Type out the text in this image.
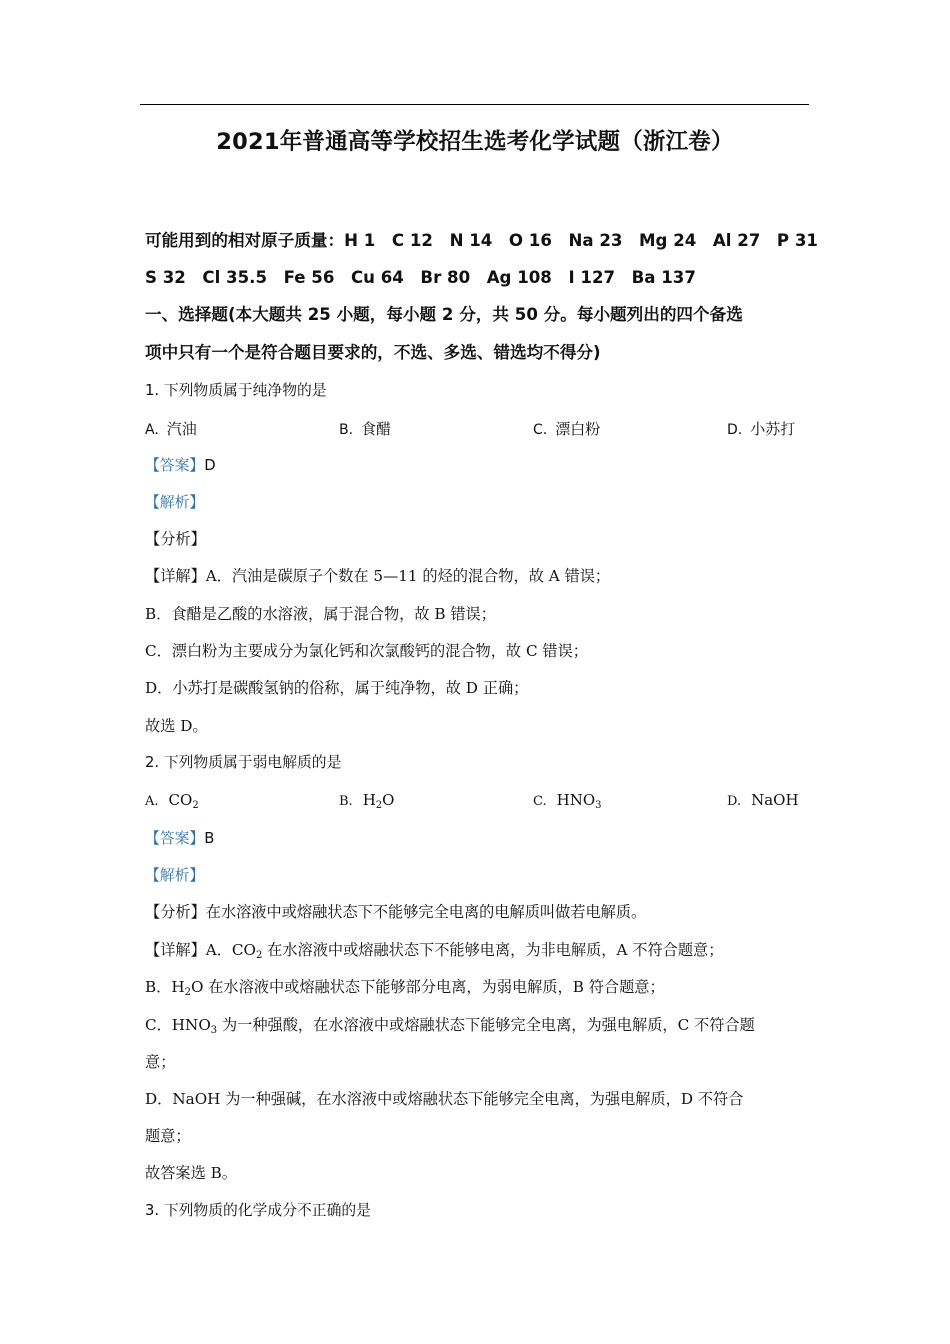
2021年普通高等学校招生选考化学试题（浙江卷）
可能用到的相对原子质量：H 1　C 12　N 14　O 16　Na 23　Mg 24　Al 27　P 31
S 32　Cl 35.5　Fe 56　Cu 64　Br 80　Ag 108　I 127　Ba 137
一、选择题(本大题共 25 小题，每小题 2 分，共 50 分。每小题列出的四个备选
项中只有一个是符合题目要求的，不选、多选、错选均不得分)
1. 下列物质属于纯净物的是
A. 汽油	B. 食醋	C. 漂白粉	D. 小苏打
【答案】D
【解析】
【分析】
【详解】A．汽油是碳原子个数在 5—11 的烃的混合物，故 A 错误；
B．食醋是乙酸的水溶液，属于混合物，故 B 错误；
C．漂白粉为主要成分为氯化钙和次氯酸钙的混合物，故 C 错误；
D．小苏打是碳酸氢钠的俗称，属于纯净物，故 D 正确；
故选 D。
2. 下列物质属于弱电解质的是
A. $CO_2$	B. $H_2O$	C. $HNO_3$	D. NaOH
【答案】B
【解析】
【分析】在水溶液中或熔融状态下不能够完全电离的电解质叫做若电解质。
【详解】A．$CO_2$ 在水溶液中或熔融状态下不能够电离，为非电解质，A 不符合题意；
B．$H_2O$ 在水溶液中或熔融状态下能够部分电离，为弱电解质，B 符合题意；
C．$HNO_3$ 为一种强酸，在水溶液中或熔融状态下能够完全电离，为强电解质，C 不符合题
意；
D．NaOH 为一种强碱，在水溶液中或熔融状态下能够完全电离，为强电解质，D 不符合
题意；
故答案选 B。
3. 下列物质的化学成分不正确的是
